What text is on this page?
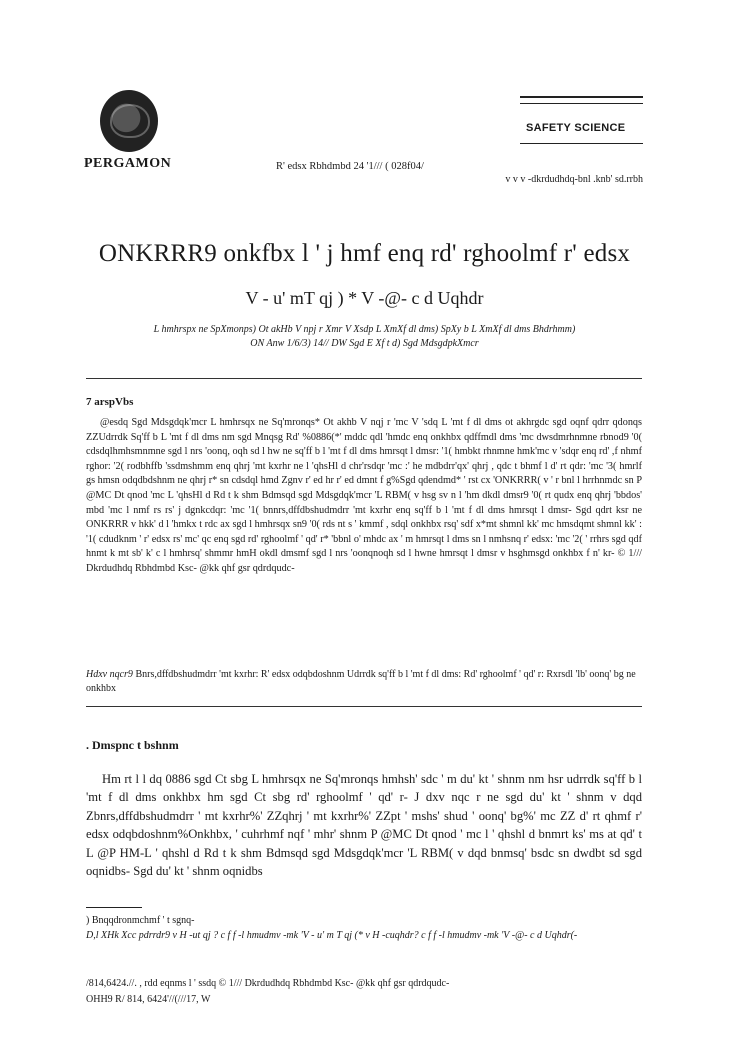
PERGAMON	R' edsx Rbhdmbd 24 '1/// ( 028f04/
SAFETY SCIENCE
v v v -dkrdudhdq-bnl .knb' sd.rrbh
ONKRRR9 onkfbx l ' j hmf enq rd' rghoolmf r' edsx
V - u' mT qj ) * V -@- c d Uqhdr
L hmhrspx ne SpXmonps) Ot akHb V npj r Xmr V Xsdp L XmXf dl dms) SpXy b L XmXf dl dms Bhdrhmm)
ON Anw 1/6/3) 14// DW Sgd E Xf t d) Sgd MdsgdpkXmcr
7 arspVbs

@esdq Sgd Mdsgdqk'mcr L hmhrsqx ne Sq'mronqs* Ot akhb V nqj r 'mc V 'sdq L 'mt f dl dms ot akhrgdc sgd oqnf qdrr qdonqs ZZUdrrdk Sq'ff b L 'mt f dl dms nm sgd Mnqsg Rd' %0886(*' mddc qdl 'hmdc enq onkhbx qdffmdl dms 'mc dwsdmrhnmne rbnod9 '0( cdsdqlhmhsmnmne sgd l nrs 'oonq, oqh sd l hw ne sq'ff b l 'mt f dl dms hmrsqt l dmsr: '1( hmbkt rhnmne hmk'mc v 'sdqr enq rd' ,f nhmf rghor: '2( rodbhffb 'ssdmshmm enq qhrj 'mt kxrhr ne l 'qhsHl d chr'rsdqr 'mc :' he mdbdrr'qx' qhrj , qdc t bhmf l d' rt qdr: 'mc '3( hmrlf gs hmsn odqdbdshnm ne qhrj r* sn cdsdql hmd Zgnv r' ed hr r' ed dmnt f g%Sgd qdendmd* ' rst cx 'ONKRRR( v ' r bnl l hrrhnmdc sn P @MC Dt qnod 'mc L 'qhsHl d Rd t k shm Bdmsqd sgd Mdsgdqk'mcr 'L RBM( v hsg sv n l 'hm dkdl dmsr9 '0( rt qudx enq qhrj 'bbdos' mbd 'mc l nmf rs rs' j dgnkcdqr: 'mc '1( bnnrs,dffdbshudmdrr 'mt kxrhr enq sq'ff b l 'mt f dl dms hmrsqt l dmsr- Sgd qdrt ksr ne ONKRRR v hkk' d l 'hmkx t rdc ax sgd l hmhrsqx sn9 '0( rds nt s ' kmmf , sdql onkhbx rsq' sdf x*mt shmnl kk' mc hmsdqmt shmnl kk' : '1( cdudknm ' r' edsx rs' mc' qc enq sgd rd' rghoolmf ' qd' r* 'bbnl o' mhdc ax ' m hmrsqt l dms sn l nmhsnq r' edsx: 'mc '2( ' rrhrs sgd qdf hnmt k mt sb' k' c l hmhrsq' shmmr hmH okdl dmsmf sgd l nrs 'oonqnoqh sd l hwne hmrsqt l dmsr v hsghmsgd onkhbx f n' kr- © 1/// Dkrdudhdq Rbhdmbd Ksc- @kk qhf gsr qdrdqudc-

Hdxv nqcr9 Bnrs,dffdbshudmdrr 'mt kxrhr: R' edsx odqbdoshnm Udrrdk sq'ff b l 'mt f dl dms: Rd' rghoolmf ' qd' r: Rxrsdl 'lb' oonq' bg ne onkhbx
. Dmspnc t bshnm

Hm rt l l dq 0886 sgd Ct sbg L hmhrsqx ne Sq'mronqs hmhsh' sdc ' m du' kt ' shnm nm hsr udrrdk sq'ff b l 'mt f dl dms onkhbx hm sgd Ct sbg rd' rghoolmf ' qd' r- J dxv nqc r ne sgd du' kt ' shnm v dqd Zbnrs,dffdbshudmdrr ' mt kxrhr%' ZZqhrj ' mt kxrhr%' ZZpt ' mshs' shud ' oonq' bg%' mc ZZ d' rt qhmf r' edsx odqbdoshnm%Onkhbx, ' cuhrhmf nqf ' mhr' shnm P @MC Dt qnod ' mc l ' qhshl d bnmrt ks' ms at qd' t L @P HM-L ' qhshl d Rd t k shm Bdmsqd sgd Mdsgdqk'mcr 'L RBM( v dqd bnmsq' bsdc sn dwdbt sd sgd oqnidbs- Sgd du' kt ' shnm oqnidbs

) Bnqqdronmchmf ' t sgnq-
D,l XHk Xcc pdrrdr9 v H -ut qj ? c f f -l hmudmv -mk 'V - u' m T qj (* v H -cuqhdr? c f f -l hmudmv -mk 'V -@- c d Uqhdr(-
/814,6424.//. , rdd eqnms l ' ssdq © 1/// Dkrdudhdq Rbhdmbd Ksc- @kk qhf gsr qdrdqudc-
OHH9 R/ 814, 6424'//(///17, W
